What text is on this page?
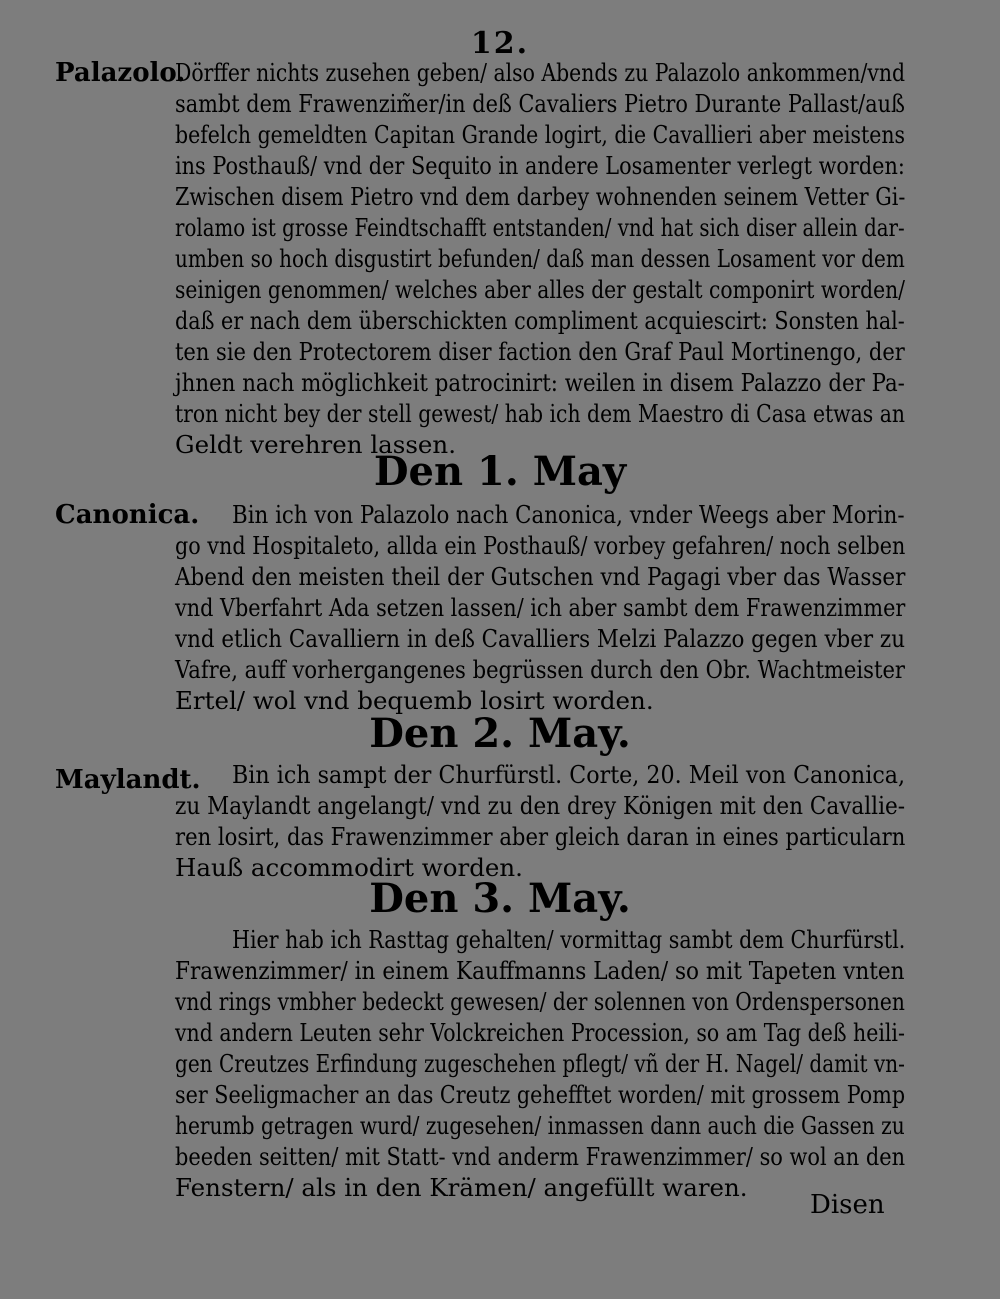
12.
Palazolo.
Canonica.
Maylandt.
Dörffer nichts zusehen geben/ also Abends zu Palazolo ankommen/vnd
sambt dem Frawenzim̃er/in deß Cavaliers Pietro Durante Pallast/auß
befelch gemeldten Capitan Grande logirt, die Cavallieri aber meistens
ins Posthauß/ vnd der Sequito in andere Losamenter verlegt worden:
Zwischen disem Pietro vnd dem darbey wohnenden seinem Vetter Gi-
rolamo ist grosse Feindtschafft entstanden/ vnd hat sich diser allein dar-
umben so hoch disgustirt befunden/ daß man dessen Losament vor dem
seinigen genommen/ welches aber alles der gestalt componirt worden/
daß er nach dem überschickten compliment acquiescirt: Sonsten hal-
ten sie den Protectorem diser faction den Graf Paul Mortinengo, der
jhnen nach möglichkeit patrocinirt: weilen in disem Palazzo der Pa-
tron nicht bey der stell gewest/ hab ich dem Maestro di Casa etwas an
Geldt verehren lassen.
Den 1. May
Bin ich von Palazolo nach Canonica, vnder Weegs aber Morin-
go vnd Hospitaleto, allda ein Posthauß/ vorbey gefahren/ noch selben
Abend den meisten theil der Gutschen vnd Pagagi vber das Wasser
vnd Vberfahrt Ada setzen lassen/ ich aber sambt dem Frawenzimmer
vnd etlich Cavalliern in deß Cavalliers Melzi Palazzo gegen vber zu
Vafre, auff vorhergangenes begrüssen durch den Obr. Wachtmeister
Ertel/ wol vnd bequemb losirt worden.
Den 2. May.
Bin ich sampt der Churfürstl. Corte, 20. Meil von Canonica,
zu Maylandt angelangt/ vnd zu den drey Königen mit den Cavallie-
ren losirt, das Frawenzimmer aber gleich daran in eines particularn
Hauß accommodirt worden.
Den 3. May.
Hier hab ich Rasttag gehalten/ vormittag sambt dem Churfürstl.
Frawenzimmer/ in einem Kauffmanns Laden/ so mit Tapeten vnten
vnd rings vmbher bedeckt gewesen/ der solennen von Ordenspersonen
vnd andern Leuten sehr Volckreichen Procession, so am Tag deß heili-
gen Creutzes Erfindung zugeschehen pflegt/ vñ der H. Nagel/ damit vn-
ser Seeligmacher an das Creutz gehefftet worden/ mit grossem Pomp
herumb getragen wurd/ zugesehen/ inmassen dann auch die Gassen zu
beeden seitten/ mit Statt- vnd anderm Frawenzimmer/ so wol an den
Fenstern/ als in den Krämen/ angefüllt waren.
Disen
